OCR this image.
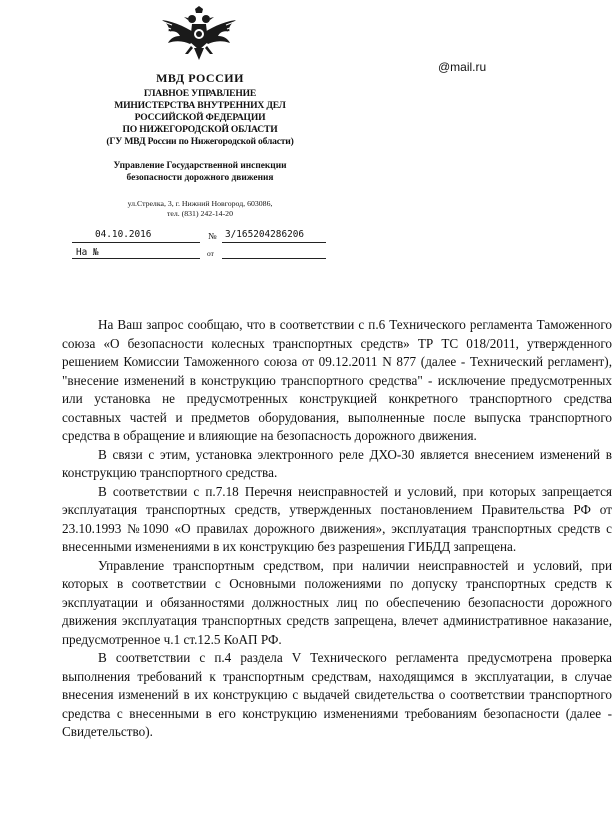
МВД РОССИИ
ГЛАВНОЕ УПРАВЛЕНИЕ
МИНИСТЕРСТВА ВНУТРЕННИХ ДЕЛ
РОССИЙСКОЙ ФЕДЕРАЦИИ
ПО НИЖЕГОРОДСКОЙ ОБЛАСТИ
(ГУ МВД России по Нижегородской области)
Управление Государственной инспекции
безопасности дорожного движения
ул.Стрелка, 3, г. Нижний Новгород, 603086,
тел. (831) 242-14-20
@mail.ru
04.10.2016	№ 3/165204286206
На №	от

На Ваш запрос сообщаю, что в соответствии с п.6 Технического регламента Таможенного союза «О безопасности колесных транспортных средств» ТР ТС 018/2011, утвержденного решением Комиссии Таможенного союза от 09.12.2011 N 877 (далее - Технический регламент), "внесение изменений в конструкцию транспортного средства" - исключение предусмотренных или установка не предусмотренных конструкцией конкретного транспортного средства составных частей и предметов оборудования, выполненные после выпуска транспортного средства в обращение и влияющие на безопасность дорожного движения.

В связи с этим, установка электронного реле ДХО-30 является внесением изменений в конструкцию транспортного средства.

В соответствии с п.7.18 Перечня неисправностей и условий, при которых запрещается эксплуатация транспортных средств, утвержденных постановлением Правительства РФ от 23.10.1993 №1090 «О правилах дорожного движения», эксплуатация транспортных средств с внесенными изменениями в их конструкцию без разрешения ГИБДД запрещена.

Управление транспортным средством, при наличии неисправностей и условий, при которых в соответствии с Основными положениями по допуску транспортных средств к эксплуатации и обязанностями должностных лиц по обеспечению безопасности дорожного движения эксплуатация транспортных средств запрещена, влечет административное наказание, предусмотренное ч.1 ст.12.5 КоАП РФ.

В соответствии с п.4 раздела V Технического регламента предусмотрена проверка выполнения требований к транспортным средствам, находящимся в эксплуатации, в случае внесения изменений в их конструкцию с выдачей свидетельства о соответствии транспортного средства с внесенными в его конструкцию изменениями требованиям безопасности (далее - Свидетельство).
